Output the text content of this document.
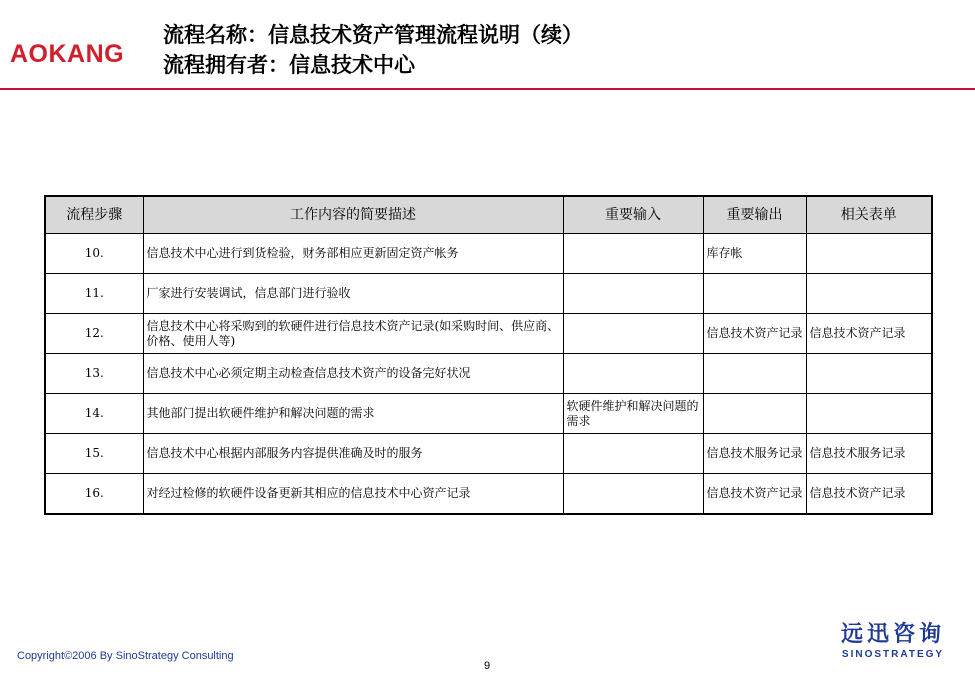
AOKANG
流程名称：信息技术资产管理流程说明（续）
流程拥有者：信息技术中心
流程步骤	工作内容的简要描述	重要输入	重要输出	相关表单
10.	信息技术中心进行到货检验，财务部相应更新固定资产帐务		库存帐	
11.	厂家进行安装调试，信息部门进行验收			
12.	信息技术中心将采购到的软硬件进行信息技术资产记录(如采购时间、供应商、价格、使用人等)		信息技术资产记录	信息技术资产记录
13.	信息技术中心必须定期主动检查信息技术资产的设备完好状况			
14.	其他部门提出软硬件维护和解决问题的需求	软硬件维护和解决问题的需求		
15.	信息技术中心根据内部服务内容提供准确及时的服务		信息技术服务记录	信息技术服务记录
16.	对经过检修的软硬件设备更新其相应的信息技术中心资产记录		信息技术资产记录	信息技术资产记录
Copyright©2006 By SinoStrategy Consulting
9
远迅咨询
SINOSTRATEGY
